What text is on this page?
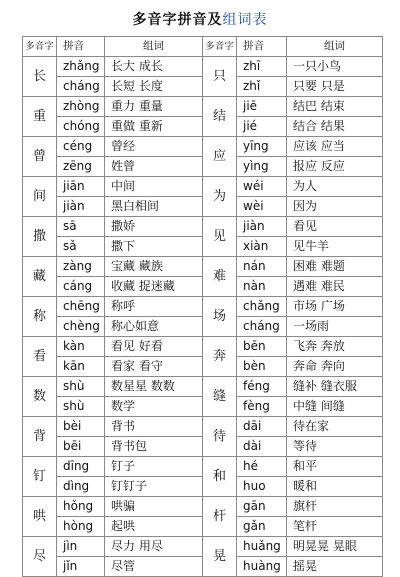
多音字拼音及组词表
多音字	拼音	组词	多音字	拼音	组词
长	zhǎng	长大 成长	只	zhī	一只小鸟
	cháng	长短 长度		zhǐ	只要 只是
重	zhòng	重力 重量	结	jiē	结巴 结束
	chóng	重做 重新		jié	结合 结果
曾	céng	曾经	应	yīng	应该 应当
	zēng	姓曾		yìng	报应 反应
间	jiān	中间	为	wéi	为人
	jiàn	黑白相间		wèi	因为
撒	sā	撒娇	见	jiàn	看见
	sǎ	撒下		xiàn	见牛羊
藏	zàng	宝藏 藏族	难	nán	困难 难题
	cáng	收藏 捉迷藏		nàn	遇难 难民
称	chēng	称呼	场	chǎng	市场 广场
	chèng	称心如意		cháng	一场雨
看	kàn	看见 好看	奔	bēn	飞奔 奔放
	kān	看家 看守		bèn	奔命 奔向
数	shù	数星星 数数	缝	féng	缝补 缝衣服
	shù	数学		fèng	中缝 间缝
背	bèi	背书	待	dāi	待在家
	bēi	背书包		dài	等待
钉	dīng	钉子	和	hé	和平
	dìng	钉钉子		huo	暖和
哄	hǒng	哄骗	杆	gān	旗杆
	hòng	起哄		gǎn	笔杆
尽	jìn	尽力 用尽	晃	huǎng	明晃晃 晃眼
	jǐn	尽管		huàng	摇晃
